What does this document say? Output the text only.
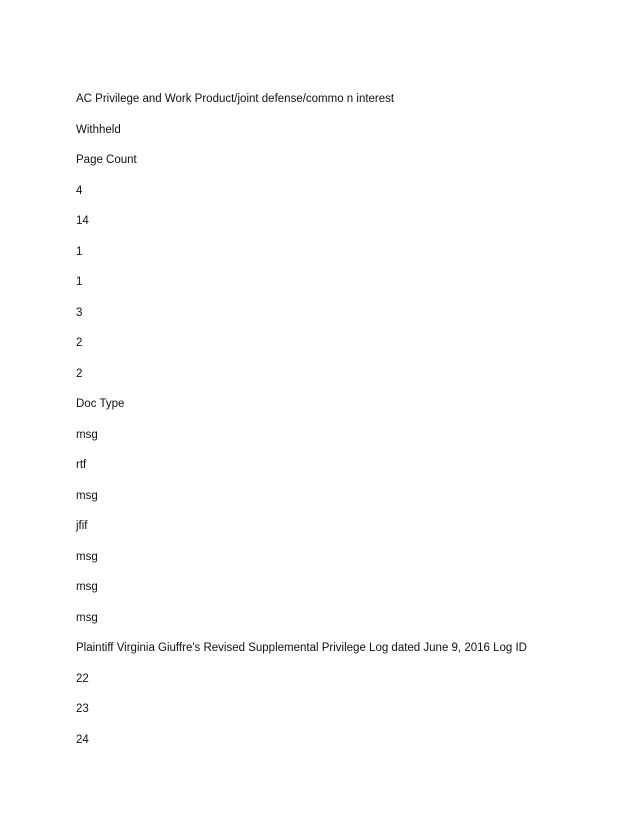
AC Privilege and Work Product/joint defense/commo n interest
Withheld
Page Count
4
14
1
1
3
2
2
Doc Type
msg
rtf
msg
jfif
msg
msg
msg
Plaintiff Virginia Giuffre's Revised Supplemental Privilege Log dated June 9, 2016 Log ID
22
23
24
